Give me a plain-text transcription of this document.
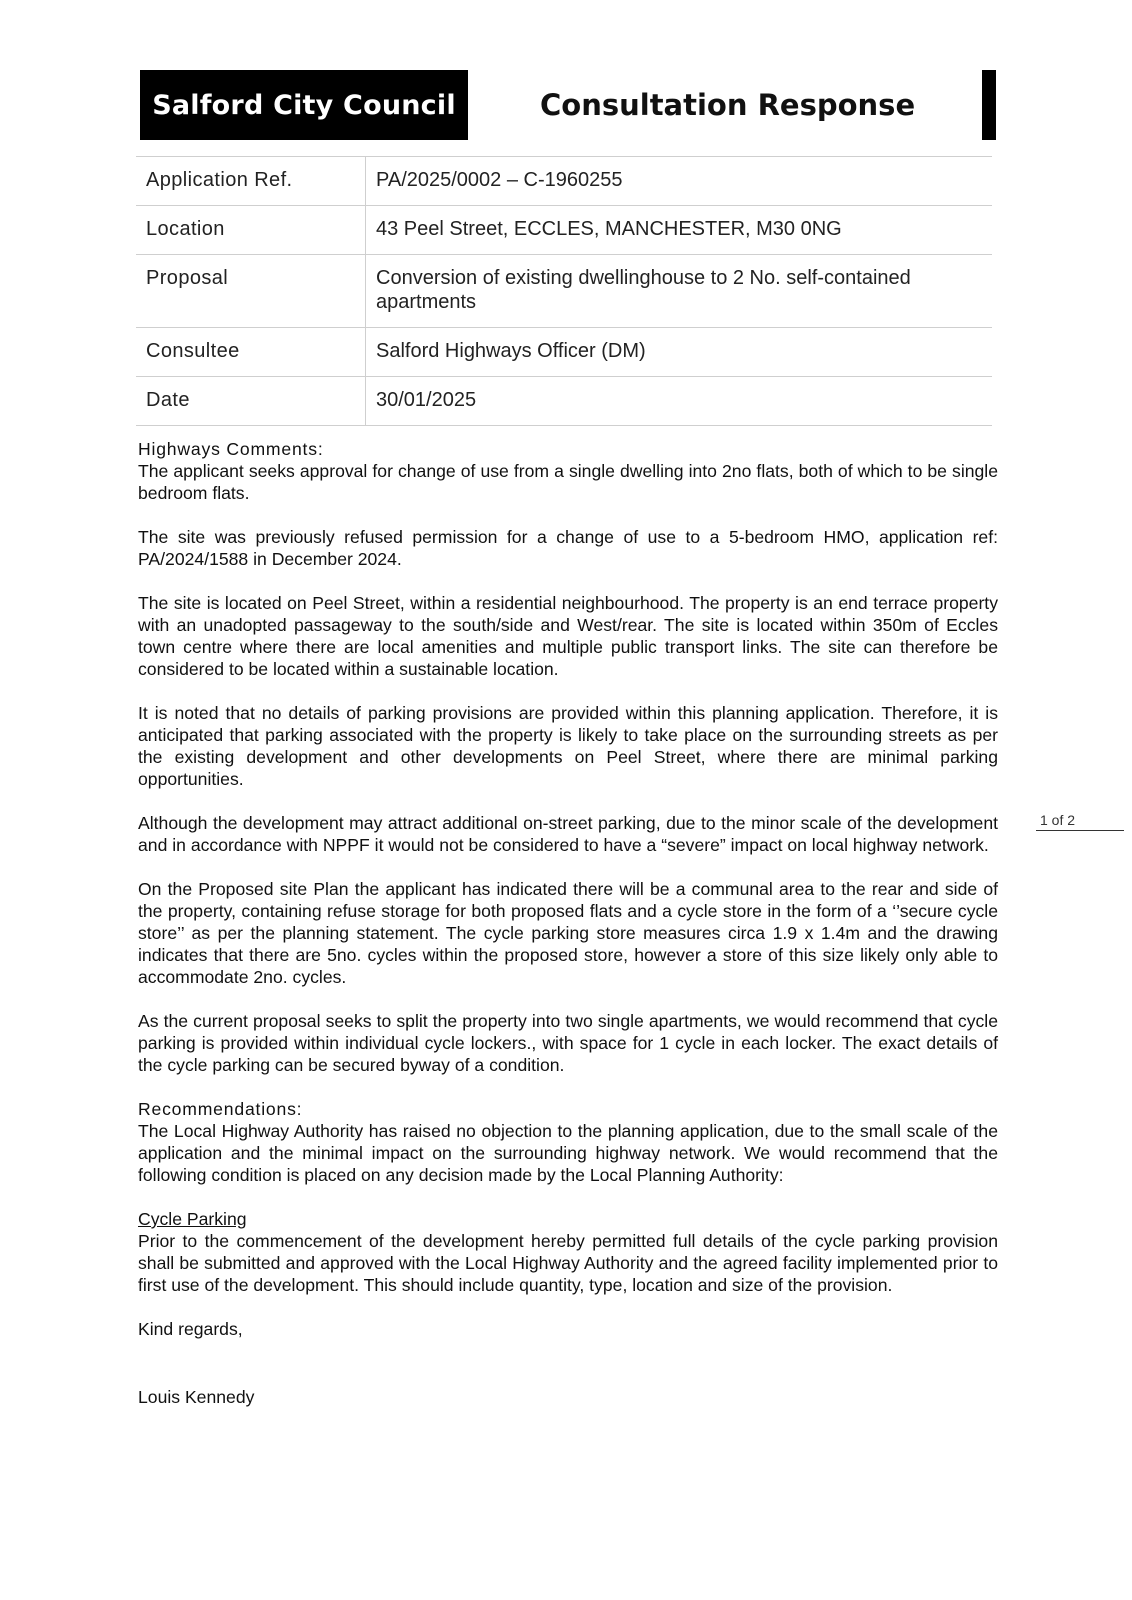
Salford City Council	Consultation Response
Application Ref.	PA/2025/0002 – C-1960255
Location	43 Peel Street, ECCLES, MANCHESTER, M30 0NG
Proposal	Conversion of existing dwellinghouse to 2 No. self-contained apartments
Consultee	Salford Highways Officer (DM)
Date	30/01/2025
Highways Comments:

The applicant seeks approval for change of use from a single dwelling into 2no flats, both of which to be single bedroom flats.

The site was previously refused permission for a change of use to a 5-bedroom HMO, application ref: PA/2024/1588 in December 2024.

The site is located on Peel Street, within a residential neighbourhood. The property is an end terrace property with an unadopted passageway to the south/side and West/rear. The site is located within 350m of Eccles town centre where there are local amenities and multiple public transport links. The site can therefore be considered to be located within a sustainable location.

It is noted that no details of parking provisions are provided within this planning application. Therefore, it is anticipated that parking associated with the property is likely to take place on the surrounding streets as per the existing development and other developments on Peel Street, where there are minimal parking opportunities.

Although the development may attract additional on-street parking, due to the minor scale of the development and in accordance with NPPF it would not be considered to have a “severe” impact on local highway network.

On the Proposed site Plan the applicant has indicated there will be a communal area to the rear and side of the property, containing refuse storage for both proposed flats and a cycle store in the form of a ‘’secure cycle store’’ as per the planning statement. The cycle parking store measures circa 1.9 x 1.4m and the drawing indicates that there are 5no. cycles within the proposed store, however a store of this size likely only able to accommodate 2no. cycles.

As the current proposal seeks to split the property into two single apartments, we would recommend that cycle parking is provided within individual cycle lockers., with space for 1 cycle in each locker. The exact details of the cycle parking can be secured byway of a condition.

Recommendations:

The Local Highway Authority has raised no objection to the planning application, due to the small scale of the application and the minimal impact on the surrounding highway network. We would recommend that the following condition is placed on any decision made by the Local Planning Authority:

Cycle Parking

Prior to the commencement of the development hereby permitted full details of the cycle parking provision shall be submitted and approved with the Local Highway Authority and the agreed facility implemented prior to first use of the development. This should include quantity, type, location and size of the provision.

Kind regards,
Louis Kennedy
1 of 2
